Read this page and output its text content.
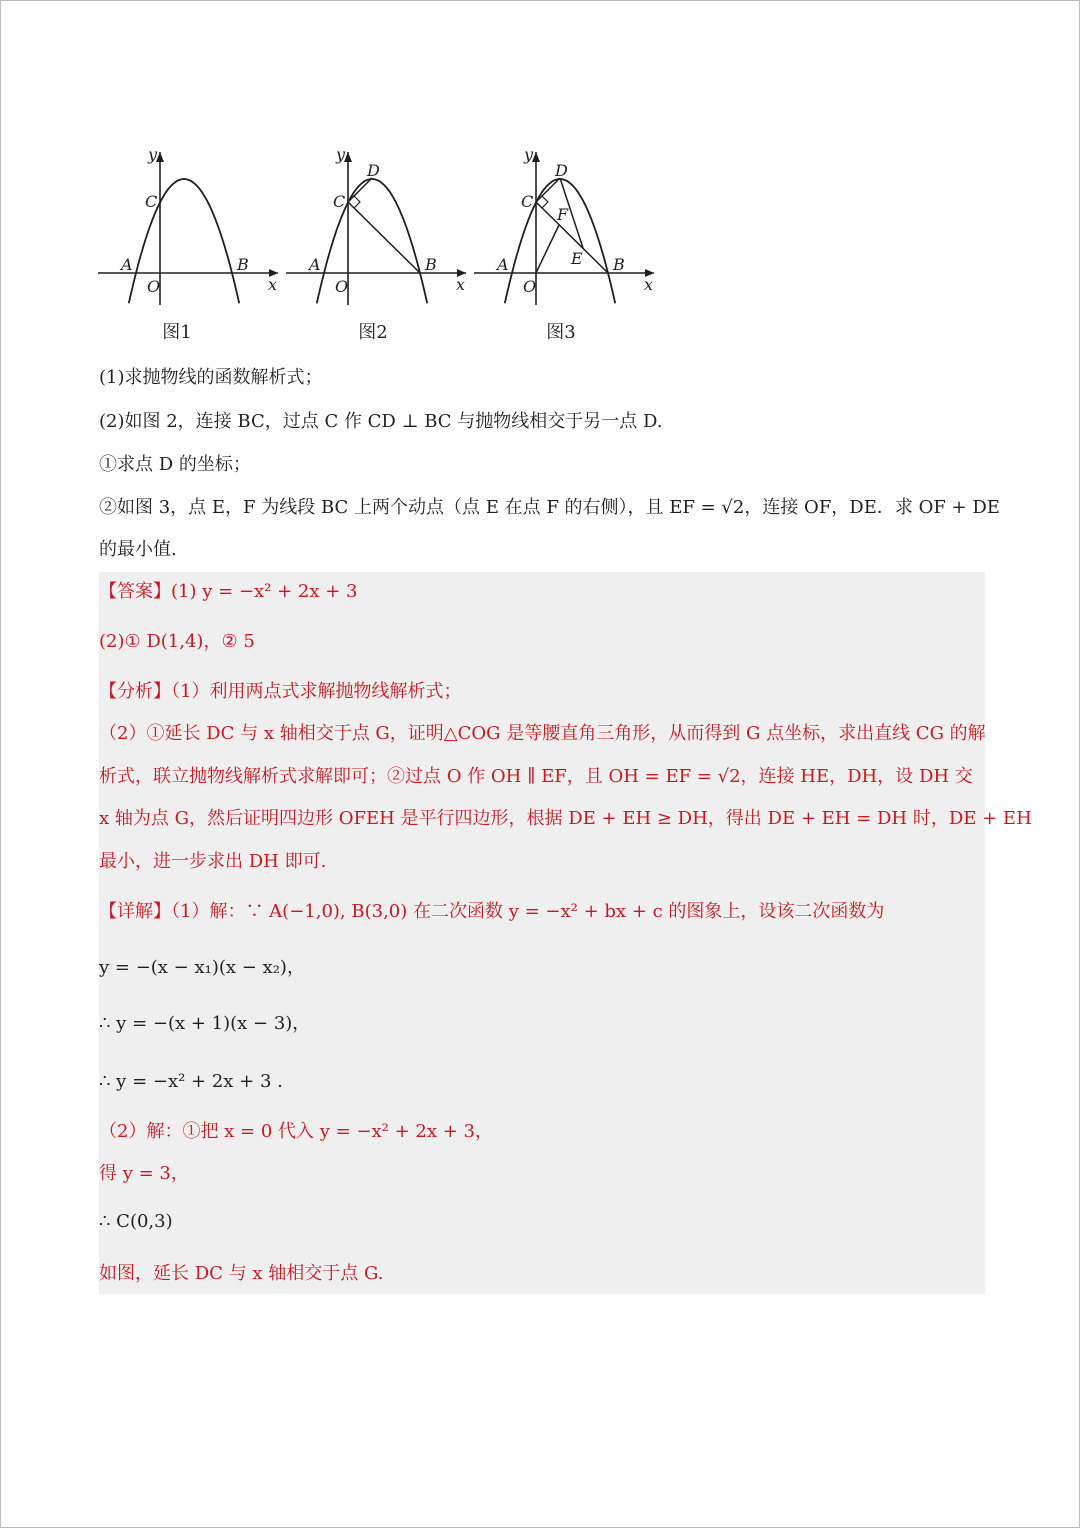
y
x
O
A	B
C
图1
y
x
O
A	B
C
D
图2
y
x
O
A	B
C
D
F
E
图3
(1)求抛物线的函数解析式；
(2)如图 2，连接 BC，过点 C 作 CD ⊥ BC 与抛物线相交于另一点 D.
①求点 D 的坐标；
②如图 3，点 E，F 为线段 BC 上两个动点（点 E 在点 F 的右侧），且 EF = √2，连接 OF，DE．求 OF + DE
的最小值.
【答案】(1) y = −x² + 2x + 3
(2)① D(1,4)，② 5
【分析】（1）利用两点式求解抛物线解析式；
（2）①延长 DC 与 x 轴相交于点 G，证明△COG 是等腰直角三角形，从而得到 G 点坐标，求出直线 CG 的解
析式，联立抛物线解析式求解即可；②过点 O 作 OH ∥ EF，且 OH = EF = √2，连接 HE，DH，设 DH 交
x 轴为点 G，然后证明四边形 OFEH 是平行四边形，根据 DE + EH ≥ DH，得出 DE + EH = DH 时，DE + EH
最小，进一步求出 DH 即可.
【详解】（1）解：∵ A(−1,0), B(3,0) 在二次函数 y = −x² + bx + c 的图象上，设该二次函数为
y = −(x − x₁)(x − x₂)，
∴ y = −(x + 1)(x − 3)，
∴ y = −x² + 2x + 3 .
（2）解：①把 x = 0 代入 y = −x² + 2x + 3，
得 y = 3，
∴ C(0,3)
如图，延长 DC 与 x 轴相交于点 G.
